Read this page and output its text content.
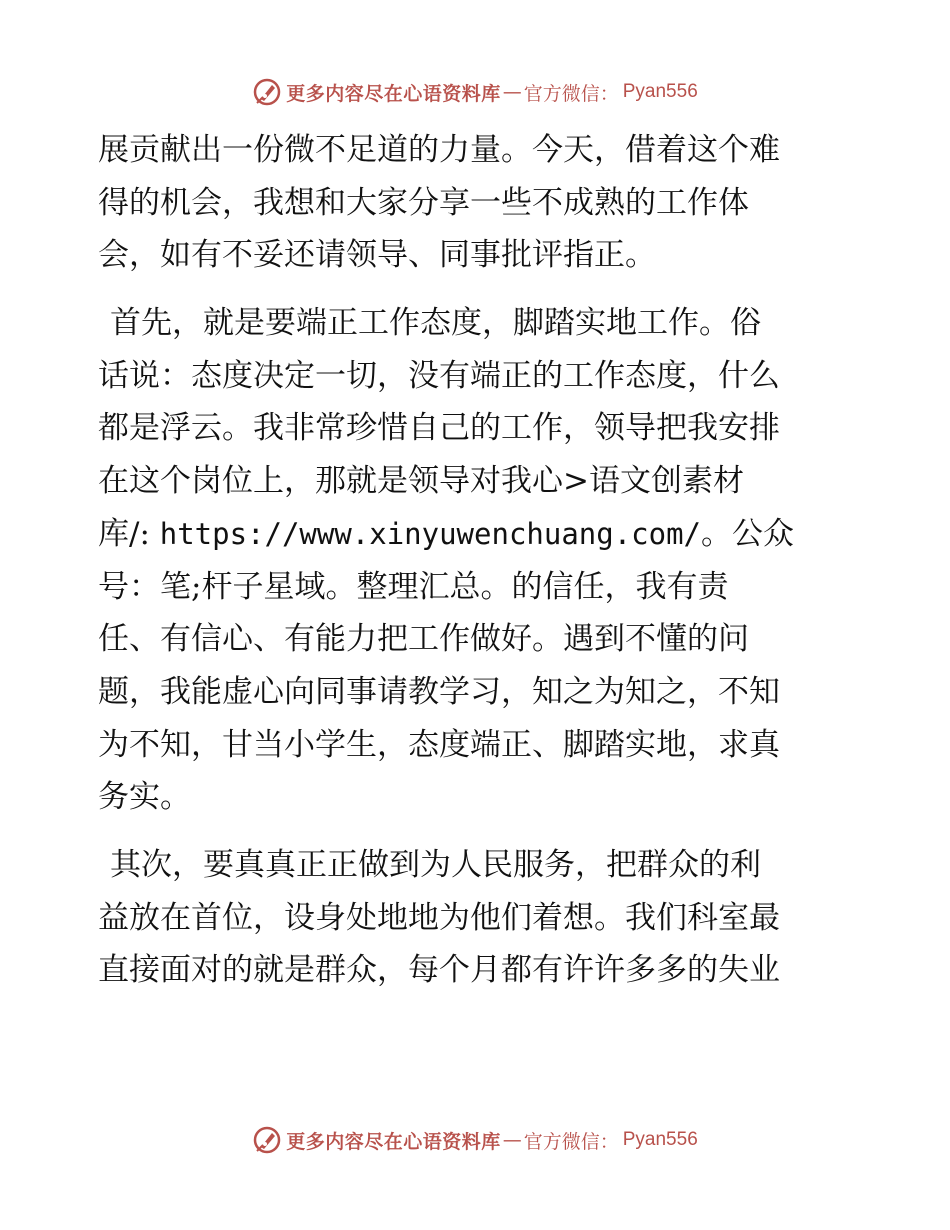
更多内容尽在心语资料库 — 官方微信： Pyan556
展贡献出一份微不足道的力量。今天，借着这个难
得的机会，我想和大家分享一些不成熟的工作体
会，如有不妥还请领导、同事批评指正。
首先，就是要端正工作态度，脚踏实地工作。俗
话说：态度决定一切，没有端正的工作态度，什么
都是浮云。我非常珍惜自己的工作，领导把我安排
在这个岗位上，那就是领导对我心>语文创素材
库/: https://www.xinyuwenchuang.com/。公众
号：笔;杆子星域。整理汇总。的信任，我有责
任、有信心、有能力把工作做好。遇到不懂的问
题，我能虚心向同事请教学习，知之为知之，不知
为不知，甘当小学生，态度端正、脚踏实地，求真
务实。
其次，要真真正正做到为人民服务，把群众的利
益放在首位，设身处地地为他们着想。我们科室最
直接面对的就是群众，每个月都有许许多多的失业
更多内容尽在心语资料库 — 官方微信： Pyan556
